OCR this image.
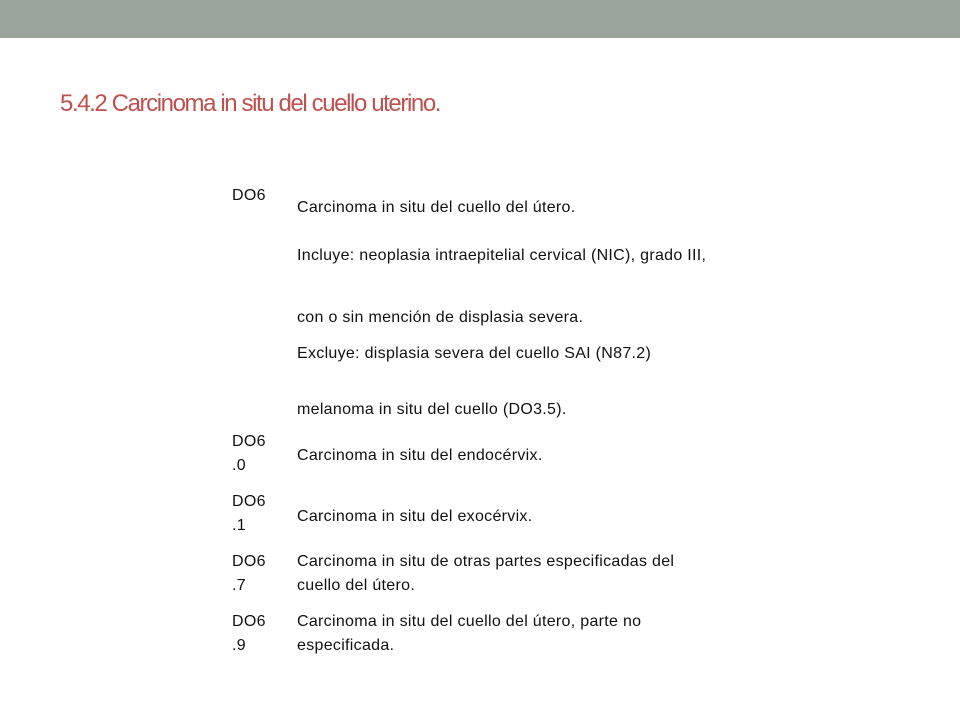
5.4.2 Carcinoma in situ del cuello uterino.
DO6
Carcinoma in situ del cuello del útero.
Incluye: neoplasia intraepitelial cervical (NIC), grado III,
con o sin mención de displasia severa.
Excluye: displasia severa del cuello SAI (N87.2)
melanoma in situ del cuello (DO3.5).
DO6
.0
Carcinoma in situ del endocérvix.
DO6
.1
Carcinoma in situ del exocérvix.
DO6
.7
Carcinoma in situ de otras partes especificadas del cuello del útero.
DO6
.9
Carcinoma in situ del cuello del útero, parte no especificada.
